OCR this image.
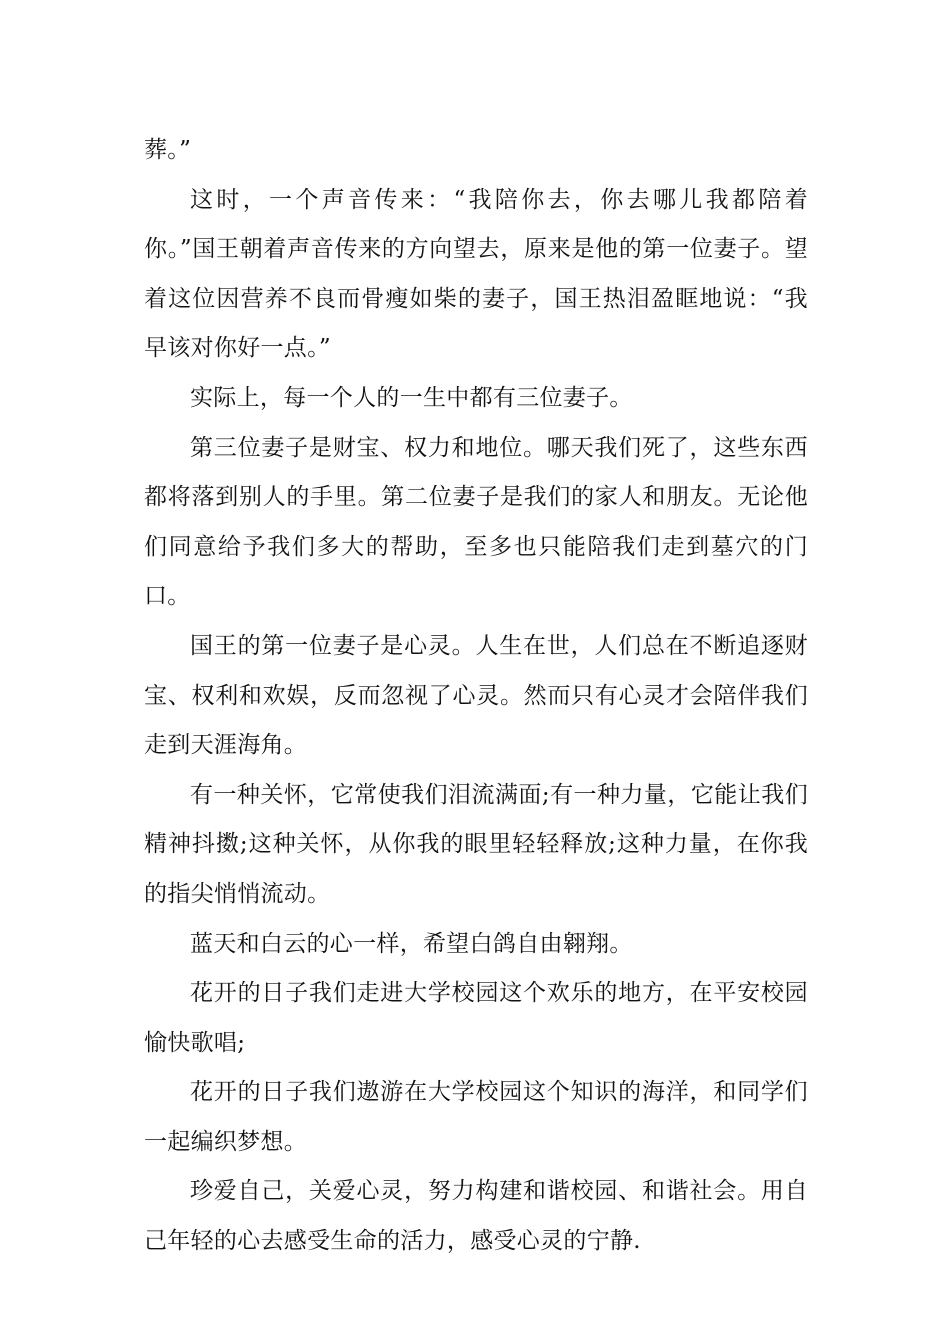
葬。”

这时，一个声音传来：“我陪你去，你去哪儿我都陪着你。”国王朝着声音传来的方向望去，原来是他的第一位妻子。望着这位因营养不良而骨瘦如柴的妻子，国王热泪盈眶地说：“我早该对你好一点。”

实际上，每一个人的一生中都有三位妻子。

第三位妻子是财宝、权力和地位。哪天我们死了，这些东西都将落到别人的手里。第二位妻子是我们的家人和朋友。无论他们同意给予我们多大的帮助，至多也只能陪我们走到墓穴的门口。

国王的第一位妻子是心灵。人生在世，人们总在不断追逐财宝、权利和欢娱，反而忽视了心灵。然而只有心灵才会陪伴我们走到天涯海角。

有一种关怀，它常使我们泪流满面;有一种力量，它能让我们精神抖擞;这种关怀，从你我的眼里轻轻释放;这种力量，在你我的指尖悄悄流动。

蓝天和白云的心一样，希望白鸽自由翱翔。

花开的日子我们走进大学校园这个欢乐的地方，在平安校园愉快歌唱;

花开的日子我们遨游在大学校园这个知识的海洋，和同学们一起编织梦想。

珍爱自己，关爱心灵，努力构建和谐校园、和谐社会。用自己年轻的心去感受生命的活力，感受心灵的宁静.
